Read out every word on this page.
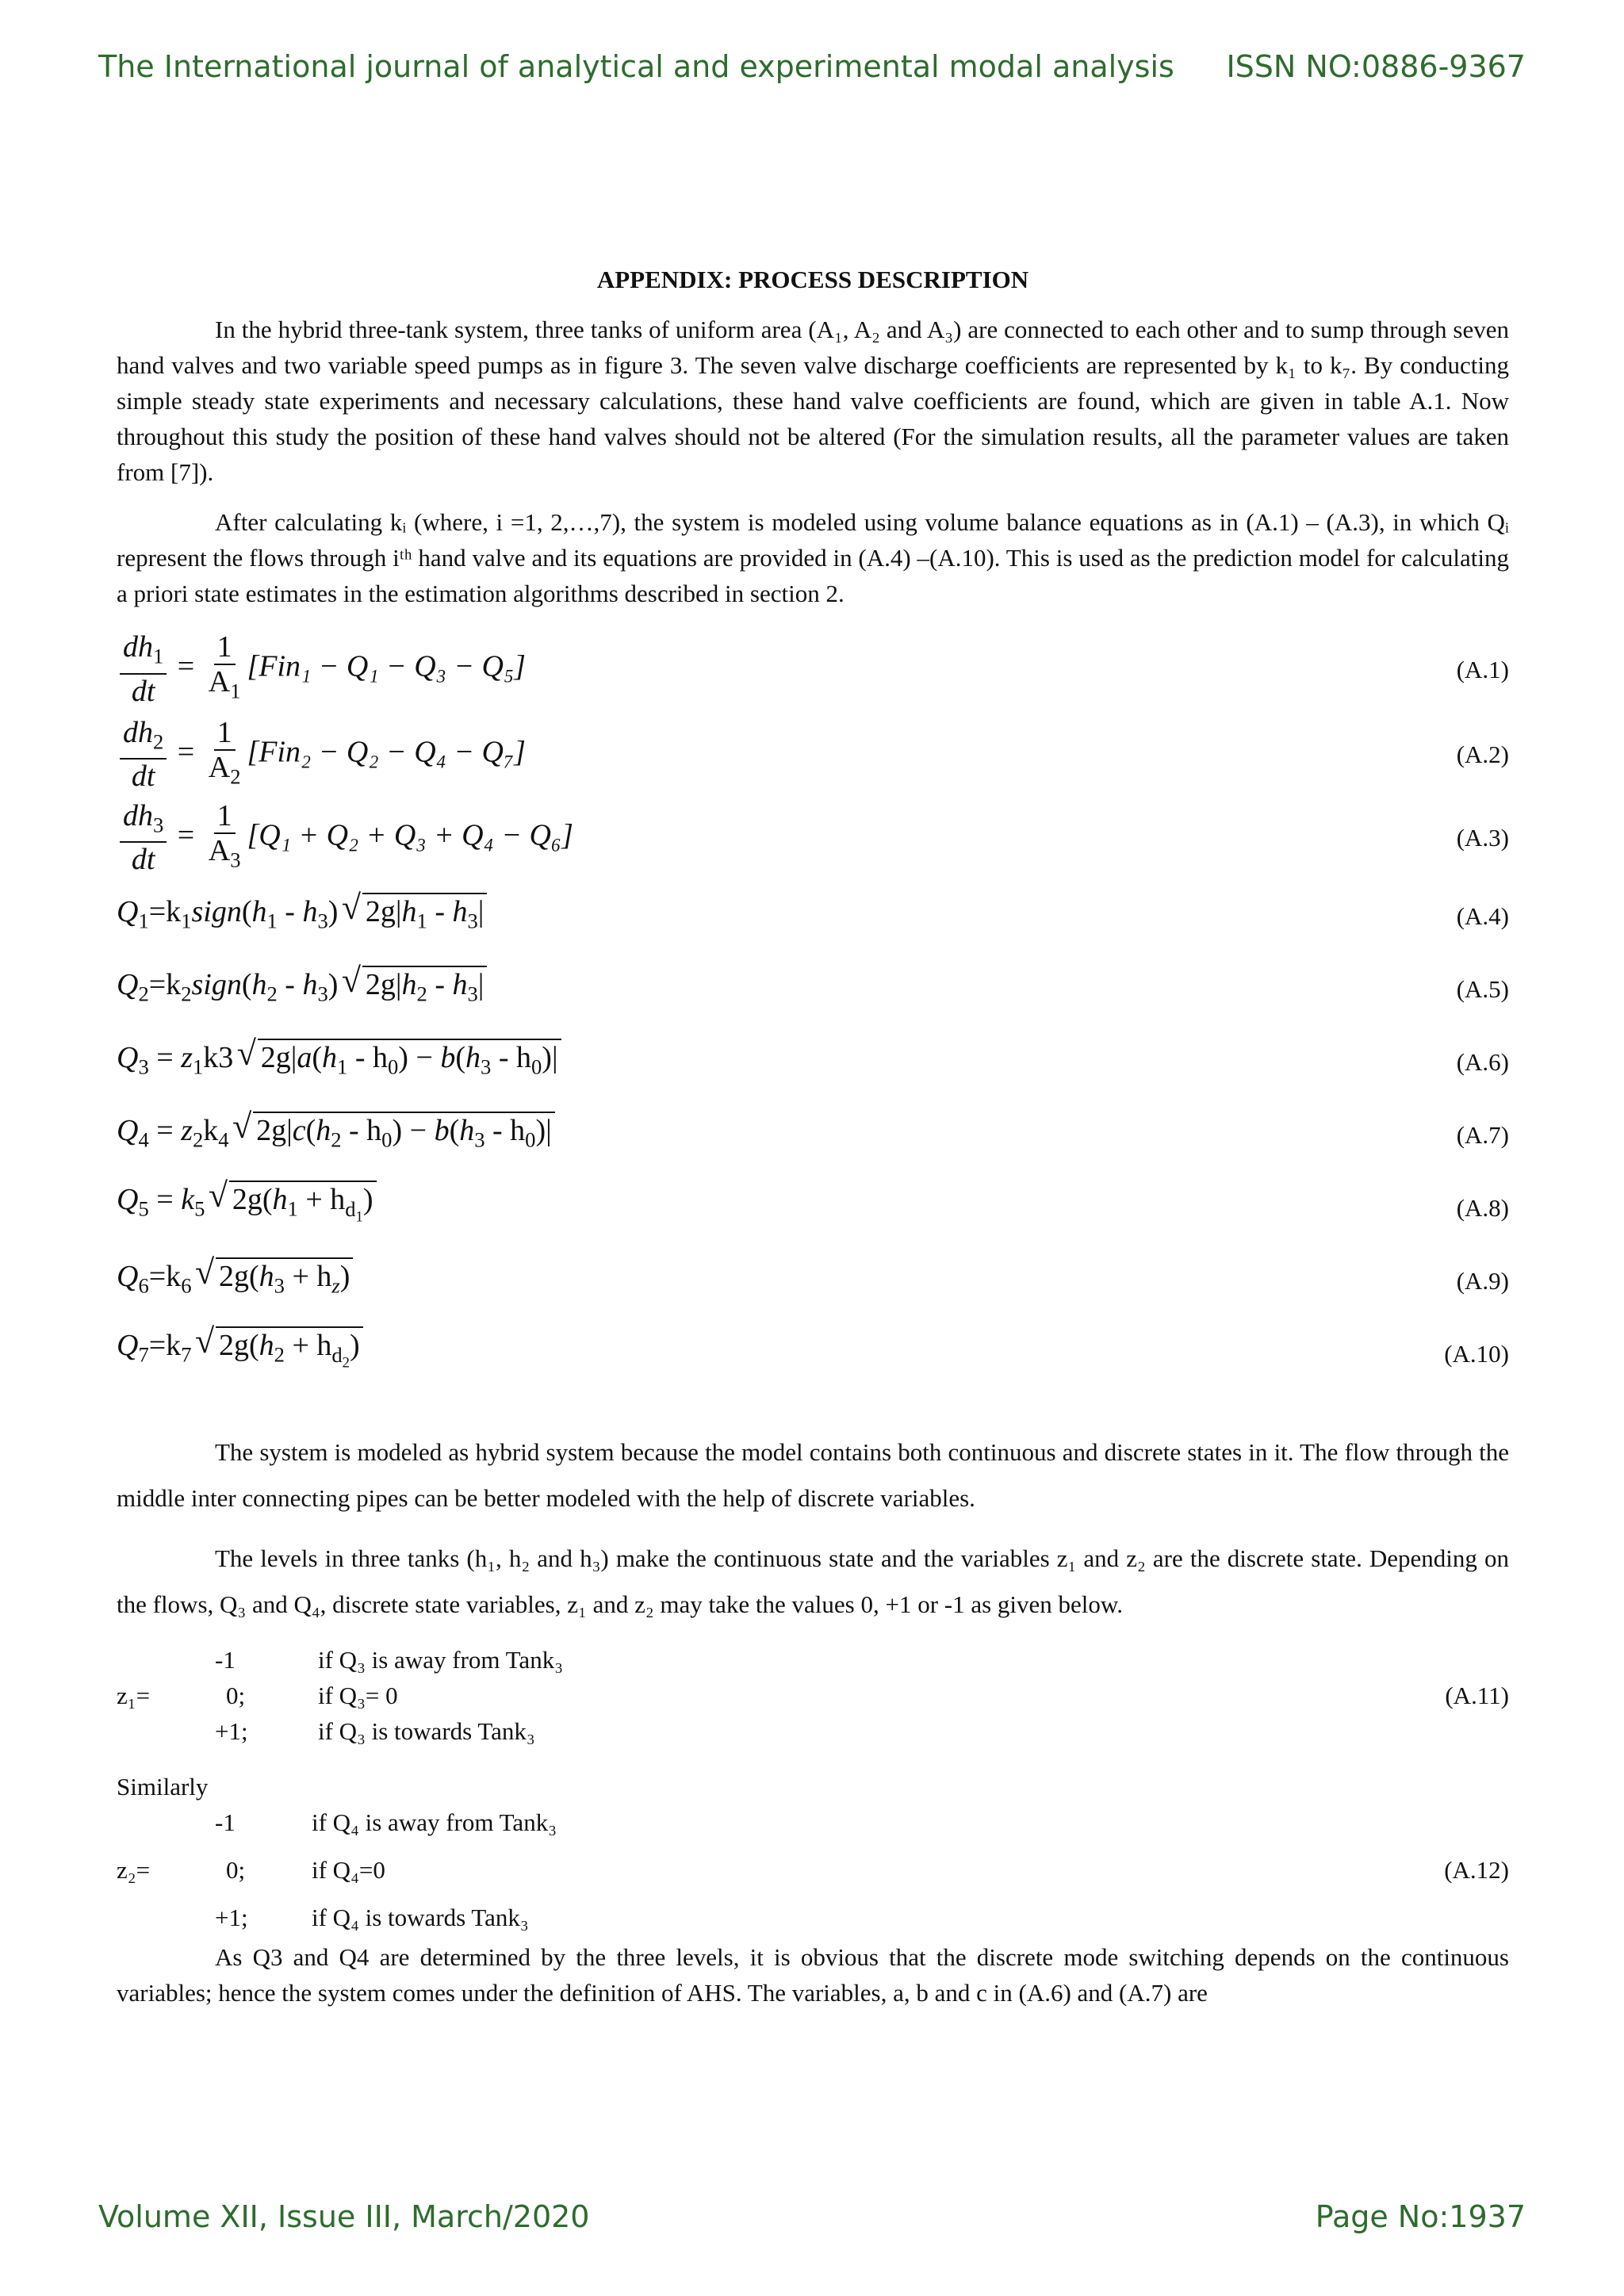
The International journal of analytical and experimental modal analysis ISSN NO:0886-9367
APPENDIX: PROCESS DESCRIPTION

In the hybrid three-tank system, three tanks of uniform area (A₁, A₂ and A₃) are connected to each other and to sump through seven hand valves and two variable speed pumps as in figure 3. The seven valve discharge coefficients are represented by k₁ to k₇. By conducting simple steady state experiments and necessary calculations, these hand valve coefficients are found, which are given in table A.1. Now throughout this study the position of these hand valves should not be altered (For the simulation results, all the parameter values are taken from [7]).

After calculating kᵢ (where, i =1, 2,…,7), the system is modeled using volume balance equations as in (A.1) – (A.3), in which Qᵢ represent the flows through iᵗʰ hand valve and its equations are provided in (A.4) –(A.10). This is used as the prediction model for calculating a priori state estimates in the estimation algorithms described in section 2.

$\frac{dh_1}{dt} = \frac{1}{A_1} [Fin_1 - Q_1 - Q_3 - Q_5]$	(A.1)
$\frac{dh_2}{dt} = \frac{1}{A_2} [Fin_2 - Q_2 - Q_4 - Q_7]$	(A.2)
$\frac{dh_3}{dt} = \frac{1}{A_3} [Q_1 + Q_2 + Q_3 + Q_4 - Q_6]$	(A.3)
$Q_1=k_1sign(h_1 - h_3)$   √ $2g|h_1 - h_3|$	(A.4)
$Q_2=k_2sign(h_2 - h_3)$   √ $2g|h_2 - h_3|$	(A.5)
$Q_3 = z_1k3$   √ $2g|a(h_1 - h_0) - b(h_3 - h_0)|$	(A.6)
$Q_4 = z_2k_4$ √ $2g|c(h_2 - h_0) - b(h_3 - h_0)|$	(A.7)
$Q_5 = k_5$ √ $2g(h_1 + h_{d_1})$	(A.8)
$Q_6=k_6$ √ $2g(h_3 + h_z)$	(A.9)
$Q_7=k_7$ √ $2g(h_2 + h_{d_2})$	(A.10)

The system is modeled as hybrid system because the model contains both continuous and discrete states in it. The flow through the middle inter connecting pipes can be better modeled with the help of discrete variables.

The levels in three tanks (h₁, h₂ and h₃) make the continuous state and the variables z₁ and z₂ are the discrete state. Depending on the flows, Q₃ and Q₄, discrete state variables, z₁ and z₂ may take the values 0, +1 or -1 as given below.

-1	if Q₃ is away from Tank₃
z₁=	0;	if Q₃= 0	(A.11)
+1;	if Q₃ is towards Tank₃

Similarly

-1	if Q₄ is away from Tank₃
z₂=	0;	if Q₄=0	(A.12)
+1;	if Q₄ is towards Tank₃

As Q3 and Q4 are determined by the three levels, it is obvious that the discrete mode switching depends on the continuous variables; hence the system comes under the definition of AHS. The variables, a, b and c in (A.6) and (A.7) are

Volume XII, Issue III, March/2020	Page No:1937
